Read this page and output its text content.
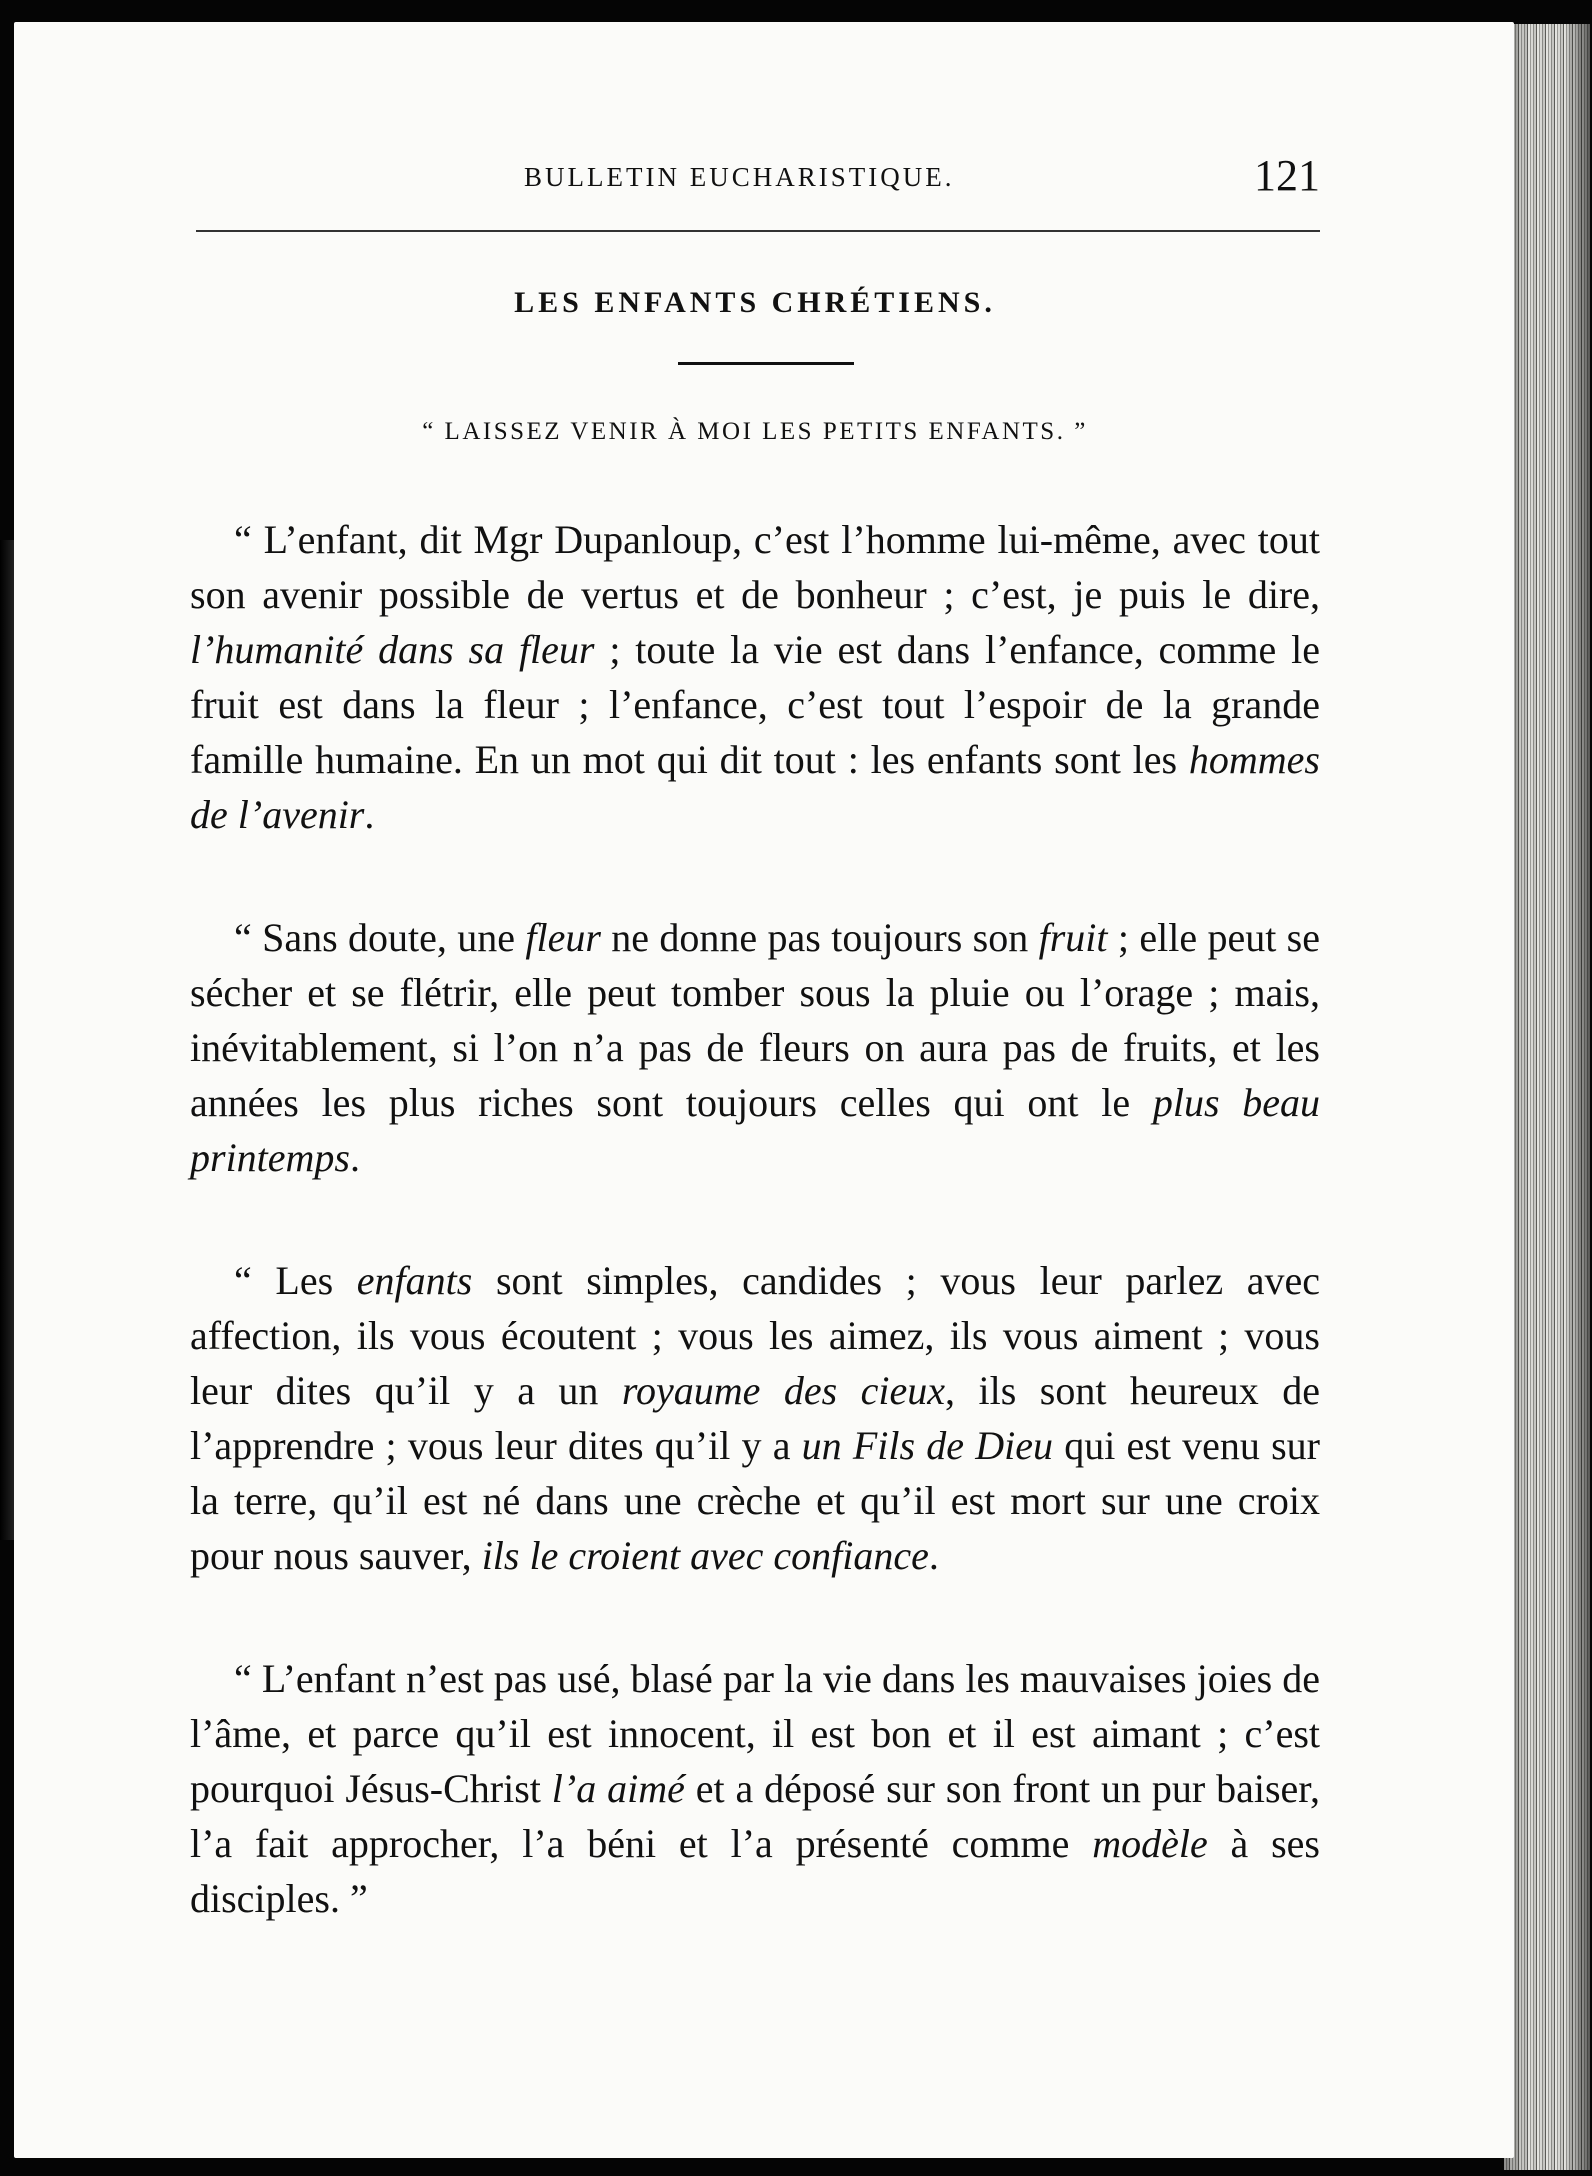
BULLETIN EUCHARISTIQUE.	121
LES ENFANTS CHRÉTIENS.
“ LAISSEZ VENIR À MOI LES PETITS ENFANTS. ”

“ L’enfant, dit Mgr Dupanloup, c’est l’homme lui-même, avec tout son avenir possible de vertus et de bonheur ; c’est, je puis le dire, l’humanité dans sa fleur ; toute la vie est dans l’enfance, comme le fruit est dans la fleur ; l’enfance, c’est tout l’espoir de la grande famille humaine. En un mot qui dit tout : les enfants sont les hommes de l’avenir.

“ Sans doute, une fleur ne donne pas toujours son fruit ; elle peut se sécher et se flétrir, elle peut tomber sous la pluie ou l’orage ; mais, inévitablement, si l’on n’a pas de fleurs on aura pas de fruits, et les années les plus riches sont toujours celles qui ont le plus beau printemps.

“ Les enfants sont simples, candides ; vous leur parlez avec affection, ils vous écoutent ; vous les aimez, ils vous aiment ; vous leur dites qu’il y a un royaume des cieux, ils sont heureux de l’apprendre ; vous leur dites qu’il y a un Fils de Dieu qui est venu sur la terre, qu’il est né dans une crèche et qu’il est mort sur une croix pour nous sauver, ils le croient avec confiance.

“ L’enfant n’est pas usé, blasé par la vie dans les mauvaises joies de l’âme, et parce qu’il est innocent, il est bon et il est aimant ; c’est pourquoi Jésus-Christ l’a aimé et a déposé sur son front un pur baiser, l’a fait approcher, l’a béni et l’a présenté comme modèle à ses disciples. ”
